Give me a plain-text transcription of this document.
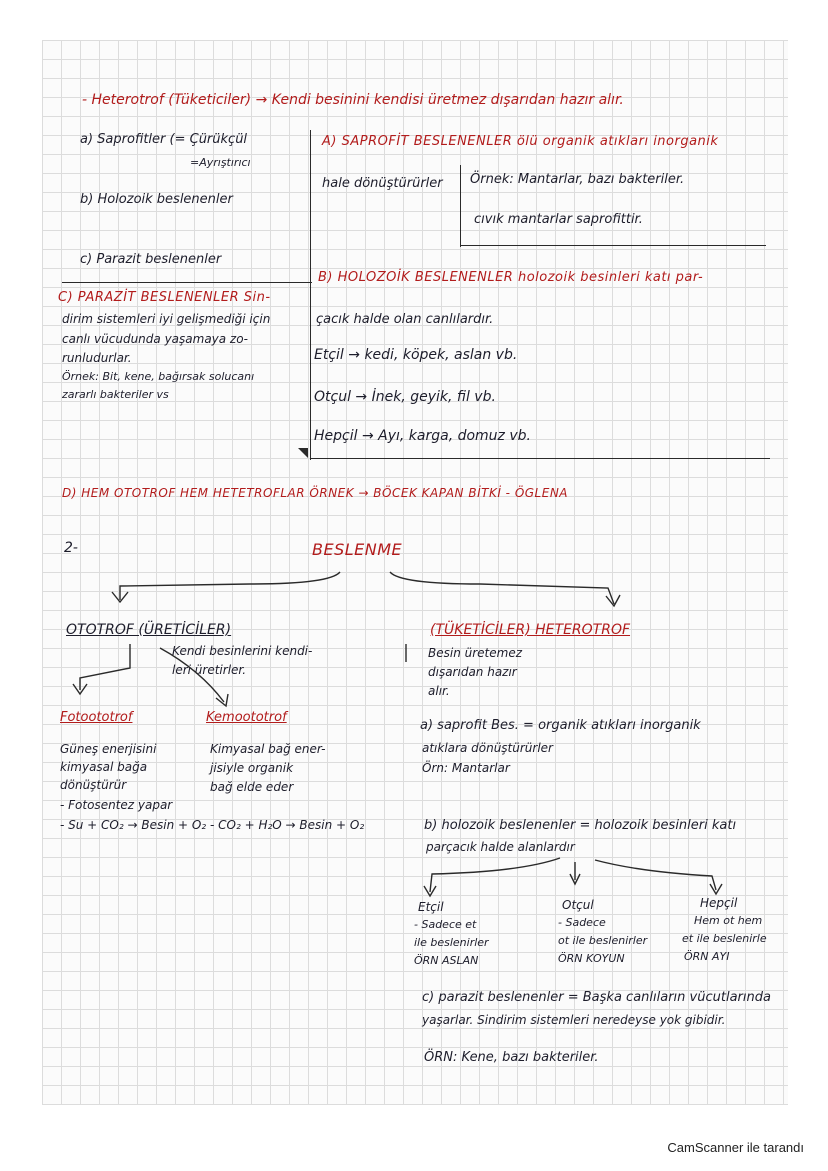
- Heterotrof (Tüketiciler) → Kendi besinini kendisi üretmez dışarıdan hazır alır.
a) Saprofitler (= Çürükçül
=Ayrıştırıcı
b) Holozoik beslenenler
c) Parazit beslenenler
A) SAPROFİT BESLENENLER ölü organik atıkları inorganik
hale dönüştürürler Örnek: Mantarlar, bazı bakteriler.
cıvık mantarlar saprofittir.
B) HOLOZOİK BESLENENLER holozoik besinleri katı par-
çacık halde olan canlılardır.
Etçil → kedi, köpek, aslan vb.
Otçul → İnek, geyik, fil vb.
Hepçil → Ayı, karga, domuz vb.
C) PARAZİT BESLENENLER Sin-
dirim sistemleri iyi gelişmediği için
canlı vücudunda yaşamaya zo-
runludurlar.
Örnek: Bit, kene, bağırsak solucanı
zararlı bakteriler vs
D) HEM OTOTROF HEM HETETROFLAR ÖRNEK → BÖCEK KAPAN BİTKİ - ÖGLENA
2-	BESLENME
OTOTROF (ÜRETİCİLER)
Kendi besinlerini kendi-
leri üretirler.
(TÜKETİCİLER) HETEROTROF
Besin üretemez
dışarıdan hazır
alır.
Fotoototrof
Güneş enerjisini
kimyasal bağa
dönüştürür
- Fotosentez yapar
- Su + CO₂ → Besin + O₂
Kemoototrof
Kimyasal bağ ener-
jisiyle organik
bağ elde eder
- CO₂ + H₂O → Besin + O₂
a) saprofit Bes. = organik atıkları inorganik
atıklara dönüştürürler
Örn: Mantarlar
b) holozoik beslenenler = holozoik besinleri katı
parçacık halde alanlardır
Etçil
- Sadece et
ile beslenirler
ÖRN ASLAN
Otçul
- Sadece
ot ile beslenirler
ÖRN KOYUN
Hepçil
Hem ot hem
et ile beslenirle
ÖRN AYI
c) parazit beslenenler = Başka canlıların vücutlarında
yaşarlar. Sindirim sistemleri neredeyse yok gibidir.
ÖRN: Kene, bazı bakteriler.
CamScanner ile tarandı
